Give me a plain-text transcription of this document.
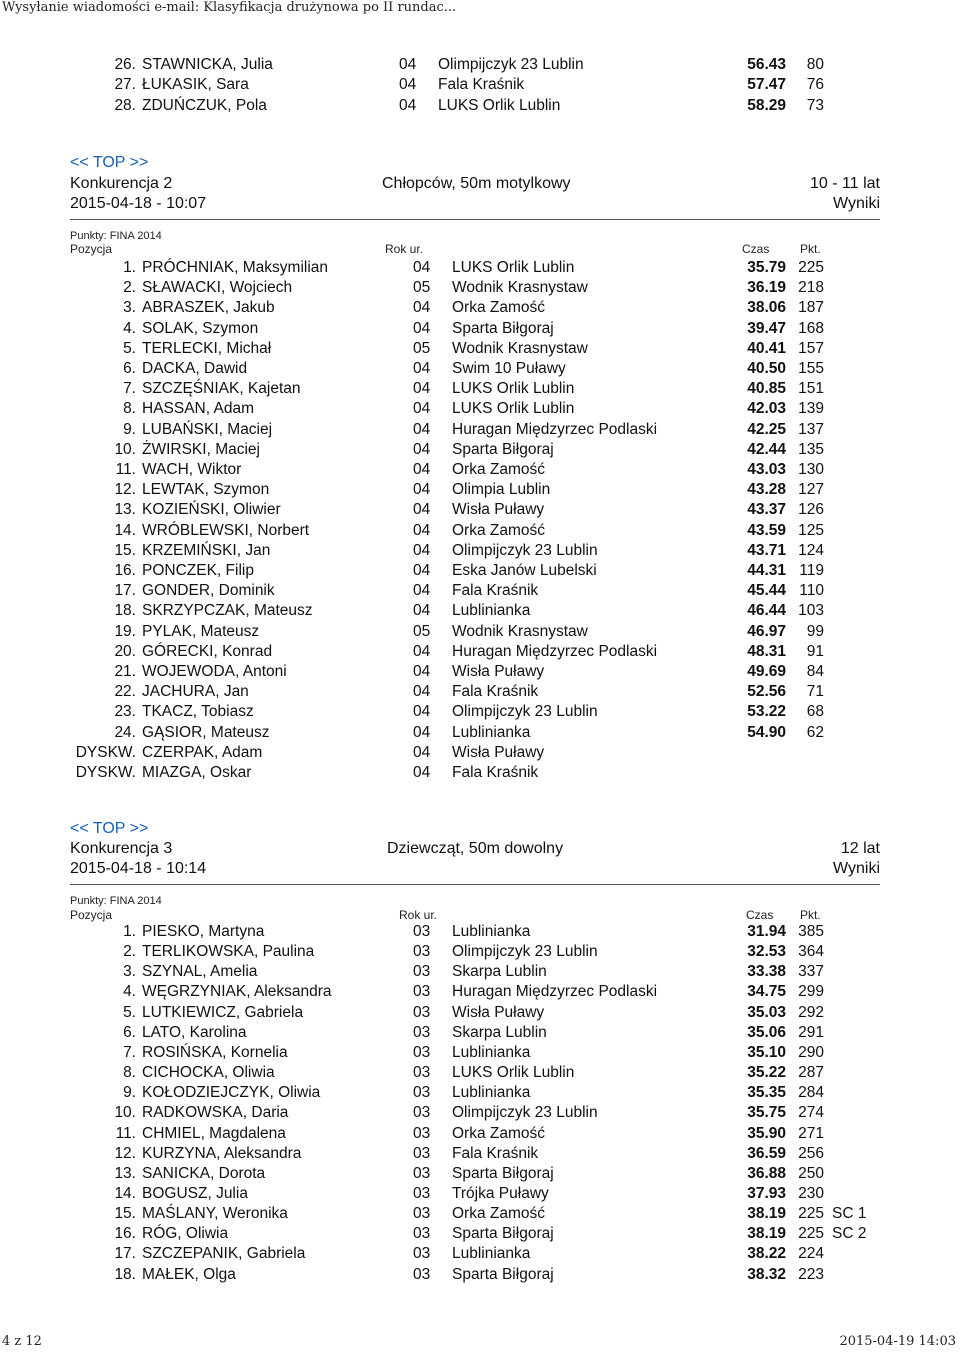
Wysyłanie wiadomości e-mail: Klasyfikacja drużynowa po II rundac...
26. STAWNICKA, Julia	04 Olimpijczyk 23 Lublin	56.43	80
27. ŁUKASIK, Sara	04 Fala Kraśnik	57.47	76
28. ZDUŃCZUK, Pola	04 LUKS Orlik Lublin	58.29	73
<< TOP >>
Konkurencja 2	Chłopców, 50m motylkowy	10 - 11 lat
2015-04-18 - 10:07	Wyniki
Punkty: FINA 2014
Pozycja	Rok ur.	Czas	Pkt.
1. PRÓCHNIAK, Maksymilian	04 LUKS Orlik Lublin	35.79 225
2. SŁAWACKI, Wojciech	05 Wodnik Krasnystaw	36.19 218
3. ABRASZEK, Jakub	04 Orka Zamość	38.06 187
4. SOLAK, Szymon	04 Sparta Biłgoraj	39.47 168
5. TERLECKI, Michał	05 Wodnik Krasnystaw	40.41 157
6. DACKA, Dawid	04 Swim 10 Puławy	40.50 155
7. SZCZĘŚNIAK, Kajetan	04 LUKS Orlik Lublin	40.85 151
8. HASSAN, Adam	04 LUKS Orlik Lublin	42.03 139
9. LUBAŃSKI, Maciej	04 Huragan Międzyrzec Podlaski	42.25 137
10. ŻWIRSKI, Maciej	04 Sparta Biłgoraj	42.44 135
11. WACH, Wiktor	04 Orka Zamość	43.03 130
12. LEWTAK, Szymon	04 Olimpia Lublin	43.28 127
13. KOZIEŃSKI, Oliwier	04 Wisła Puławy	43.37 126
14. WRÓBLEWSKI, Norbert	04 Orka Zamość	43.59 125
15. KRZEMIŃSKI, Jan	04 Olimpijczyk 23 Lublin	43.71 124
16. PONCZEK, Filip	04 Eska Janów Lubelski	44.31 119
17. GONDER, Dominik	04 Fala Kraśnik	45.44 110
18. SKRZYPCZAK, Mateusz	04 Lublinianka	46.44 103
19. PYLAK, Mateusz	05 Wodnik Krasnystaw	46.97	99
20. GÓRECKI, Konrad	04 Huragan Międzyrzec Podlaski	48.31	91
21. WOJEWODA, Antoni	04 Wisła Puławy	49.69	84
22. JACHURA, Jan	04 Fala Kraśnik	52.56	71
23. TKACZ, Tobiasz	04 Olimpijczyk 23 Lublin	53.22	68
24. GĄSIOR, Mateusz	04 Lublinianka	54.90	62
DYSKW. CZERPAK, Adam	04 Wisła Puławy
DYSKW. MIAZGA, Oskar	04 Fala Kraśnik
<< TOP >>
Konkurencja 3	Dziewcząt, 50m dowolny	12 lat
2015-04-18 - 10:14	Wyniki
Punkty: FINA 2014
Pozycja	Rok ur.	Czas Pkt.
1. PIESKO, Martyna	03 Lublinianka	31.94 385
2. TERLIKOWSKA, Paulina	03 Olimpijczyk 23 Lublin	32.53 364
3. SZYNAL, Amelia	03 Skarpa Lublin	33.38 337
4. WĘGRZYNIAK, Aleksandra	03 Huragan Międzyrzec Podlaski	34.75 299
5. LUTKIEWICZ, Gabriela	03 Wisła Puławy	35.03 292
6. LATO, Karolina	03 Skarpa Lublin	35.06 291
7. ROSIŃSKA, Kornelia	03 Lublinianka	35.10 290
8. CICHOCKA, Oliwia	03 LUKS Orlik Lublin	35.22 287
9. KOŁODZIEJCZYK, Oliwia	03 Lublinianka	35.35 284
10. RADKOWSKA, Daria	03 Olimpijczyk 23 Lublin	35.75 274
11. CHMIEL, Magdalena	03 Orka Zamość	35.90 271
12. KURZYNA, Aleksandra	03 Fala Kraśnik	36.59 256
13. SANICKA, Dorota	03 Sparta Biłgoraj	36.88 250
14. BOGUSZ, Julia	03 Trójka Puławy	37.93 230
15. MAŚLANY, Weronika	03 Orka Zamość	38.19 225 SC 1
16. RÓG, Oliwia	03 Sparta Biłgoraj	38.19 225 SC 2
17. SZCZEPANIK, Gabriela	03 Lublinianka	38.22 224
18. MAŁEK, Olga	03 Sparta Biłgoraj	38.32 223
4 z 12	2015-04-19 14:03
